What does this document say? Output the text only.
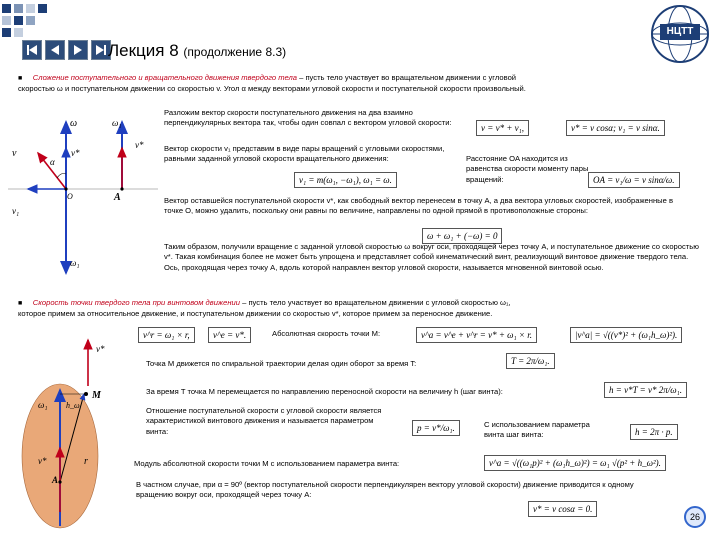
Лекция 8 (продолжение 8.3)
НЦТТ
■ Сложение поступательного и вращательного движения твердого тела – пусть тело участвует во вращательном движении с угловой
скоростью ω и поступательном движении со скоростью v. Угол α между векторами угловой скорости и поступательной скорости произвольный.
ω	ω₁
v	v*
v*
α
O	A
v₁
ω₁
Разложим вектор скорости поступательного движения на два взаимно перпендикулярных вектора так, чтобы один совпал с вектором угловой скорости:
v = v* + v₁,	v* = v cosα; v₁ = v sinα.
Вектор скорости v₁ представим в виде пары вращений с угловыми скоростями, равными заданной угловой скорости вращательного движения:
v₁ = m(ω₁, −ω₁), ω₁ = ω.
Расстояние OA находится из равенства скорости моменту пары вращений:	OA = v₁/ω = v sinα/ω.
Вектор оставшейся поступательной скорости v*, как свободный вектор перенесем в точку A, а два вектора угловых скоростей, изображенные в точке O, можно удалить, поскольку они равны по величине, направлены по одной прямой в противоположные стороны:
ω + ω₁ + (−ω) = 0
Таким образом, получили вращение с заданной угловой скоростью ω вокруг оси, проходящей через точку A, и поступательное движение со скоростью v*. Такая комбинация более не может быть упрощена и представляет собой кинематический винт, реализующий винтовое движение твердого тела. Ось, проходящая через точку A, вдоль которой направлен вектор угловой скорости, называется мгновенной винтовой осью.
■ Скорость точки твердого тела при винтовом движении – пусть тело участвует во вращательном движении с угловой скоростью ω₁,
которое примем за относительное движение, и поступательном движении со скоростью v*, которое примем за переносное движение.
v*
M
ω₁ h_ω
v*	r
A
v^r = ω₁ × r,	v^e = v*.	Абсолютная скорость точки M:	v^a = v^e + v^r = v* + ω₁ × r.	|v^a| = √((v*)² + (ω₁h_ω)²).
Точка M движется по спиральной траектории делая один оборот за время T:	T = 2π/ω₁.
За время T точка M перемещается по направлению переносной скорости на величину h (шаг винта):	h = v*T = v* 2π/ω₁.
Отношение поступательной скорости с угловой скорости является характеристикой винтового движения и называется параметром винта:	p = v*/ω₁.	С использованием параметра винта шаг винта:	h = 2π · p.
Модуль абсолютной скорости точки M с использованием параметра винта:	v^a = √((ω₁p)² + (ω₁h_ω)²) = ω₁ √(p² + h_ω²).
В частном случае, при α = 90º (вектор поступательной скорости перпендикулярен вектору угловой скорости) движение приводится к одному вращению вокруг оси, проходящей через точку A:
v* = v cosα = 0.
26
